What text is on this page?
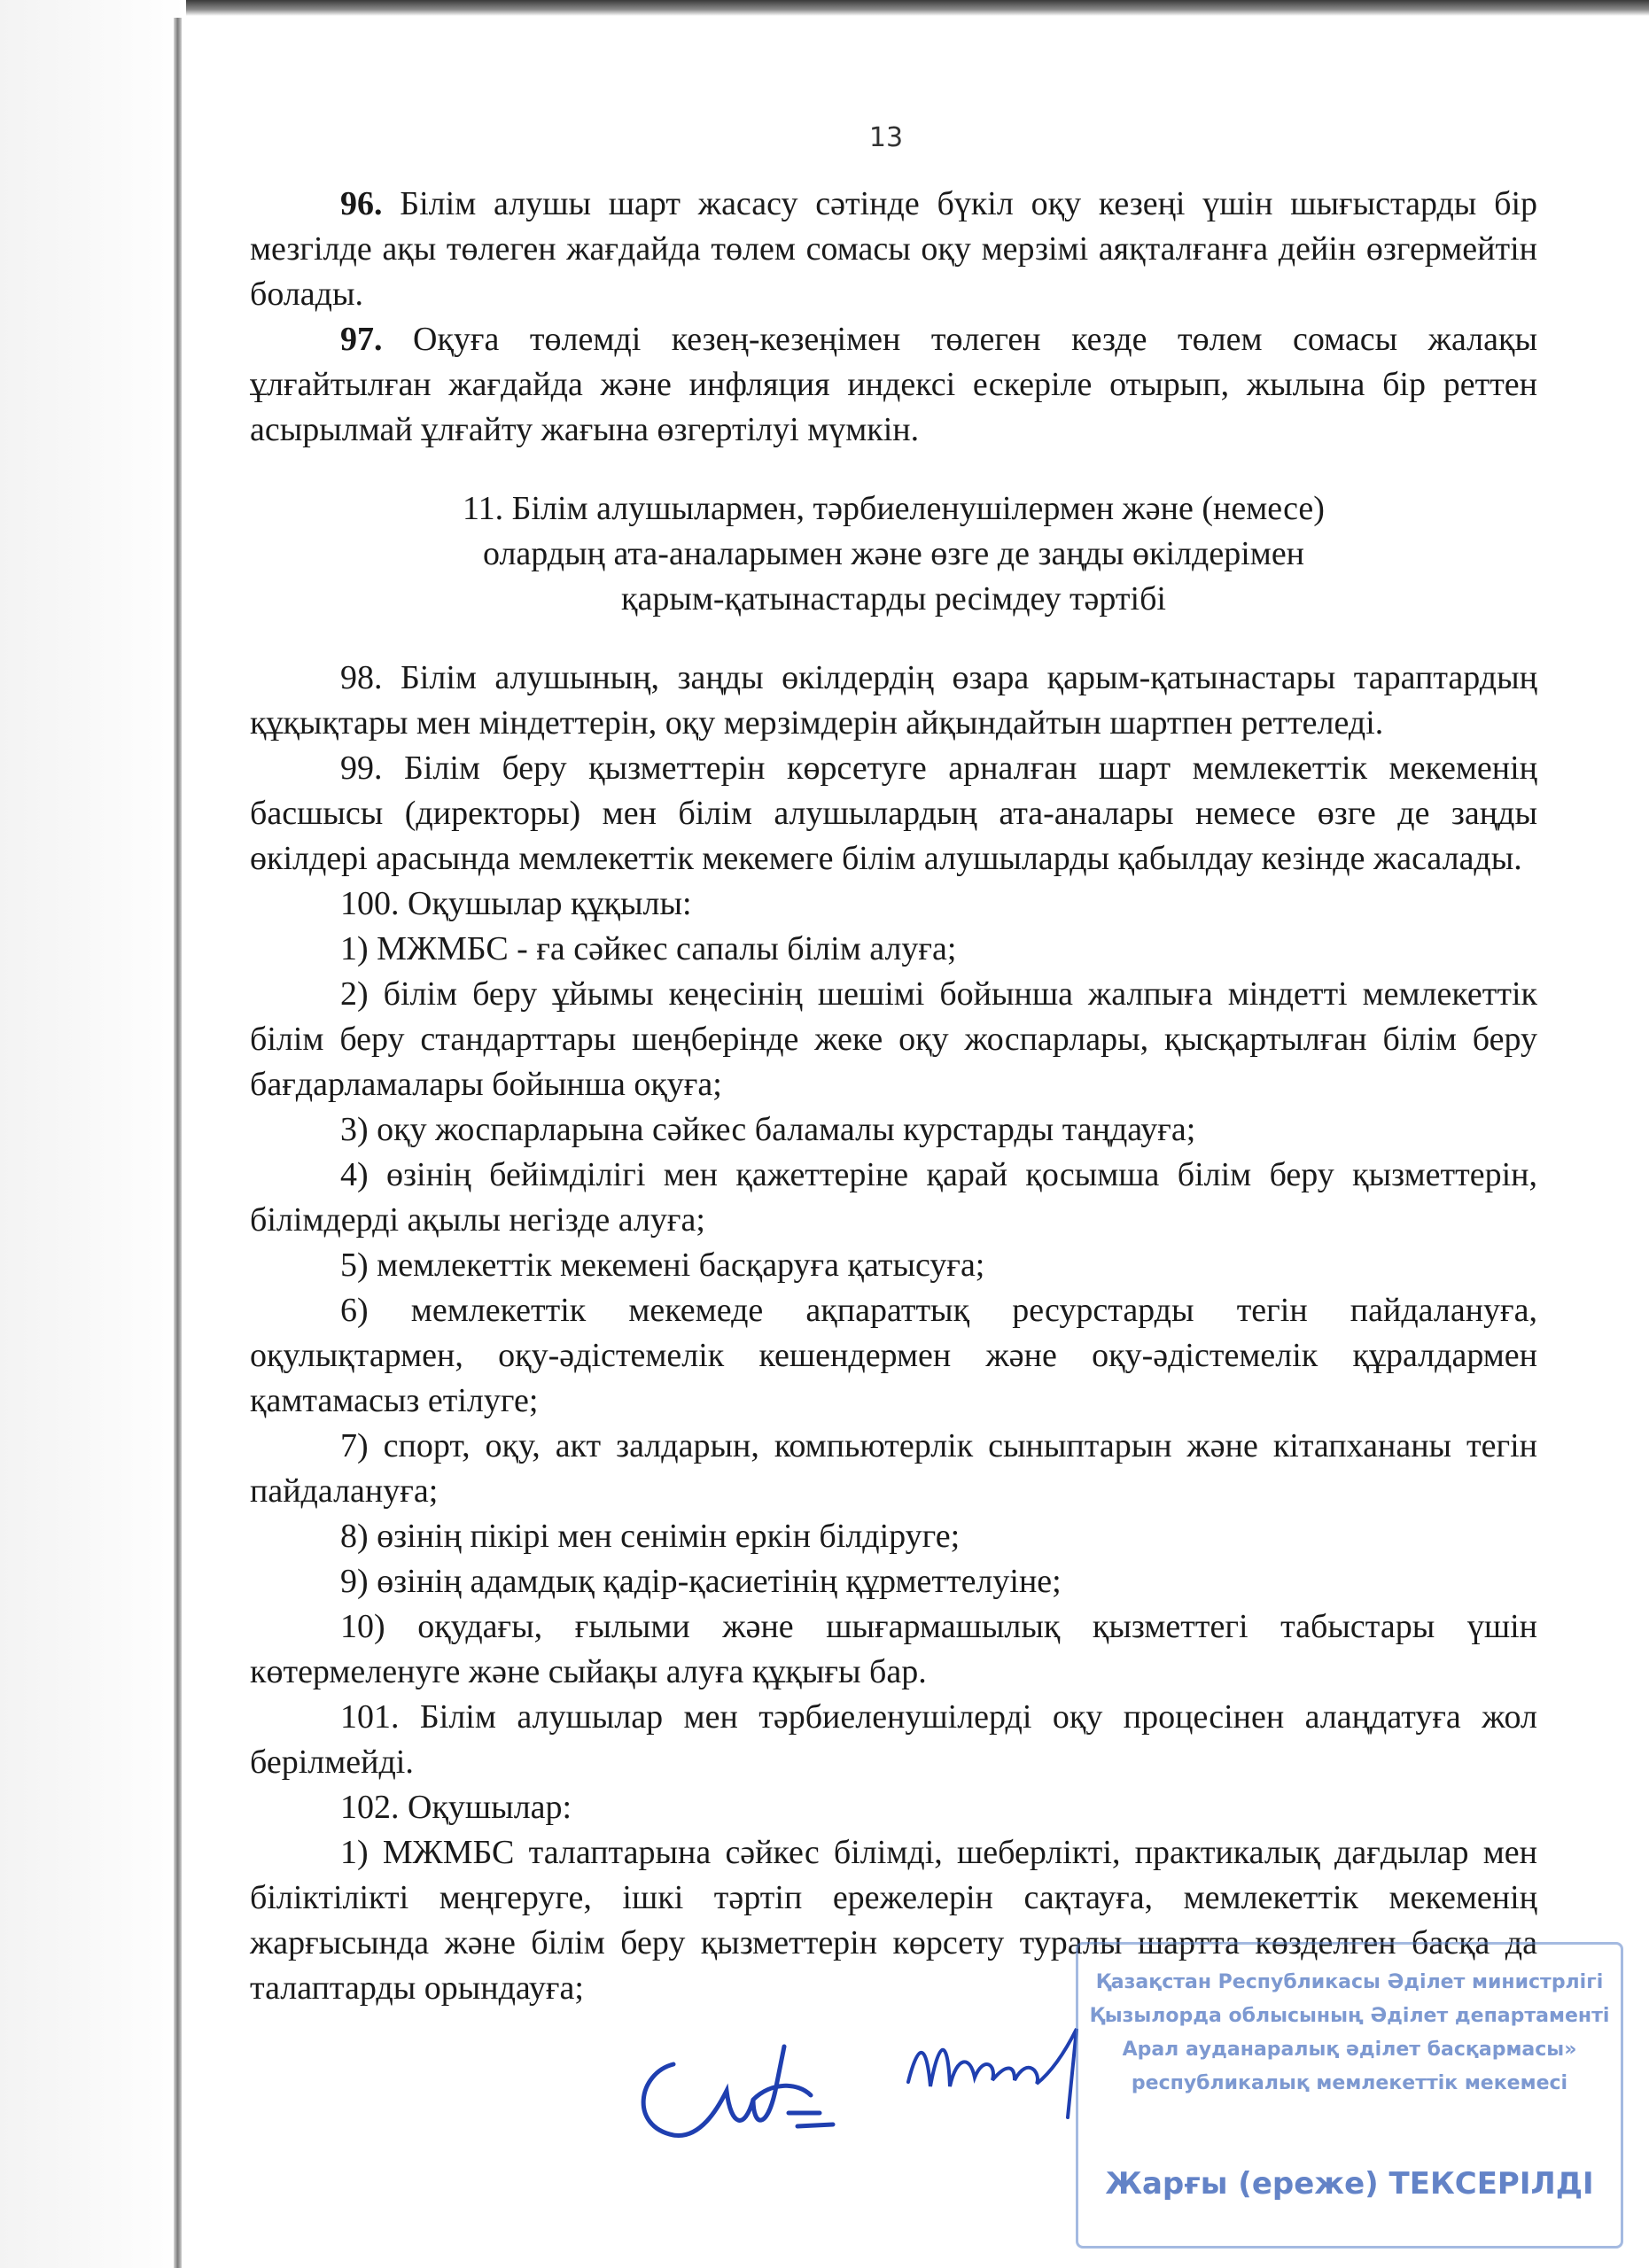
13

96. Білім алушы шарт жасасу сәтінде бүкіл оқу кезеңі үшін шығыстарды бір мезгілде ақы төлеген жағдайда төлем сомасы оқу мерзімі аяқталғанға дейін өзгермейтін болады.

97. Оқуға төлемді кезең-кезеңімен төлеген кезде төлем сомасы жалақы ұлғайтылған жағдайда және инфляция индексі ескеріле отырып, жылына бір реттен асырылмай ұлғайту жағына өзгертілуі мүмкін.

11. Білім алушылармен, тәрбиеленушілермен және (немесе)
олардың ата-аналарымен және өзге де заңды өкілдерімен
қарым-қатынастарды ресімдеу тәртібі

98. Білім алушының, заңды өкілдердің өзара қарым-қатынастары тараптардың құқықтары мен міндеттерін, оқу мерзімдерін айқындайтын шартпен реттеледі.

99. Білім беру қызметтерін көрсетуге арналған шарт мемлекеттік мекеменің басшысы (директоры) мен білім алушылардың ата-аналары немесе өзге де заңды өкілдері арасында мемлекеттік мекемеге білім алушыларды қабылдау кезінде жасалады.

100. Оқушылар құқылы:

1) МЖМБС - ға сәйкес сапалы білім алуға;

2) білім беру ұйымы кеңесінің шешімі бойынша жалпыға міндетті мемлекеттік білім беру стандарттары шеңберінде жеке оқу жоспарлары, қысқартылған білім беру бағдарламалары бойынша оқуға;

3) оқу жоспарларына сәйкес баламалы курстарды таңдауға;

4) өзінің бейімділігі мен қажеттеріне қарай қосымша білім беру қызметтерін, білімдерді ақылы негізде алуға;

5) мемлекеттік мекемені басқаруға қатысуға;

6) мемлекеттік мекемеде ақпараттық ресурстарды тегін пайдалануға, оқулықтармен, оқу-әдістемелік кешендермен және оқу-әдістемелік құралдармен қамтамасыз етілуге;

7) спорт, оқу, акт залдарын, компьютерлік сыныптарын және кітапхананы тегін пайдалануға;

8) өзінің пікірі мен сенімін еркін білдіруге;

9) өзінің адамдық қадір-қасиетінің құрметтелуіне;

10) оқудағы, ғылыми және шығармашылық қызметтегі табыстары үшін көтермеленуге және сыйақы алуға құқығы бар.

101. Білім алушылар мен тәрбиеленушілерді оқу процесінен алаңдатуға жол берілмейді.

102. Оқушылар:

1) МЖМБС талаптарына сәйкес білімді, шеберлікті, практикалық дағдылар мен біліктілікті меңгеруге, ішкі тәртіп ережелерін сақтауға, мемлекеттік мекеменің жарғысында және білім беру қызметтерін көрсету туралы шартта көзделген басқа да талаптарды орындауға;	Қазақстан Республикасы Әділет министрлігі
Қызылорда облысының Әділет департаменті
Арал ауданаралық әділет басқармасы»
республикалық мемлекеттік мекемесі
Жарғы (ереже) ТЕКСЕРІЛДІ
